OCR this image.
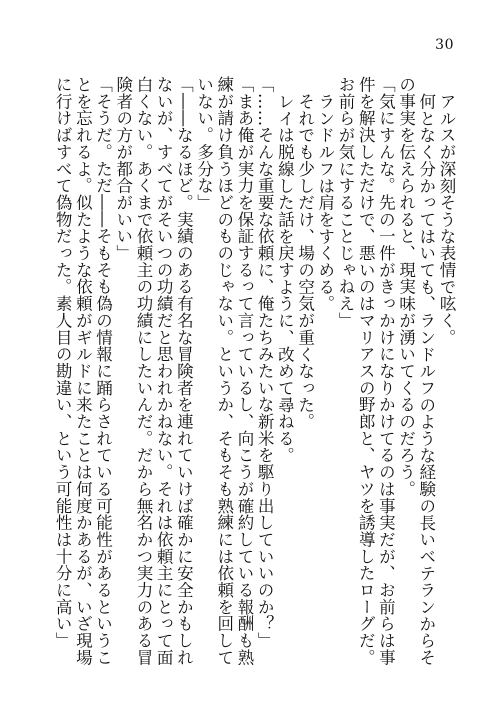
30

アルスが深刻そうな表情で呟く。

何となく分かってはいても、ランドルフのような経験の長いベテランからその事実を伝えられると、現実味が湧いてくるのだろう。

「気にすんな。先の一件がきっかけになりかけてるのは事実だが、お前らは事件を解決しただけで、悪いのはマリアスの野郎と、ヤツを誘導したローグだ。お前らが気にすることじゃねえ」

ランドルフは肩をすくめる。

それでも少しだけ、場の空気が重くなった。

レイは脱線した話を戻すように、改めて尋ねる。

「……そんな重要な依頼に、俺たちみたいな新米を駆り出していいのか？」

「まあ俺が実力を保証するって言っているし、向こうが確約している報酬も熟練が請け負うほどのものじゃない。というか、そもそも熟練には依頼を回していない。多分な」

「――なるほど。実績のある有名な冒険者を連れていけば確かに安全かもしれないが、すべてがそいつの功績だと思われかねない。それは依頼主にとって面白くない。あくまで依頼主の功績にしたいんだ。だから無名かつ実力のある冒険者の方が都合がいい」

「そうだ。ただ――そもそも偽の情報に踊らされている可能性があるということを忘れるよ。似たような依頼がギルドに来たことは何度かあるが、いざ現場に行けばすべて偽物だった。素人目の勘違い、という可能性は十分に高い」
